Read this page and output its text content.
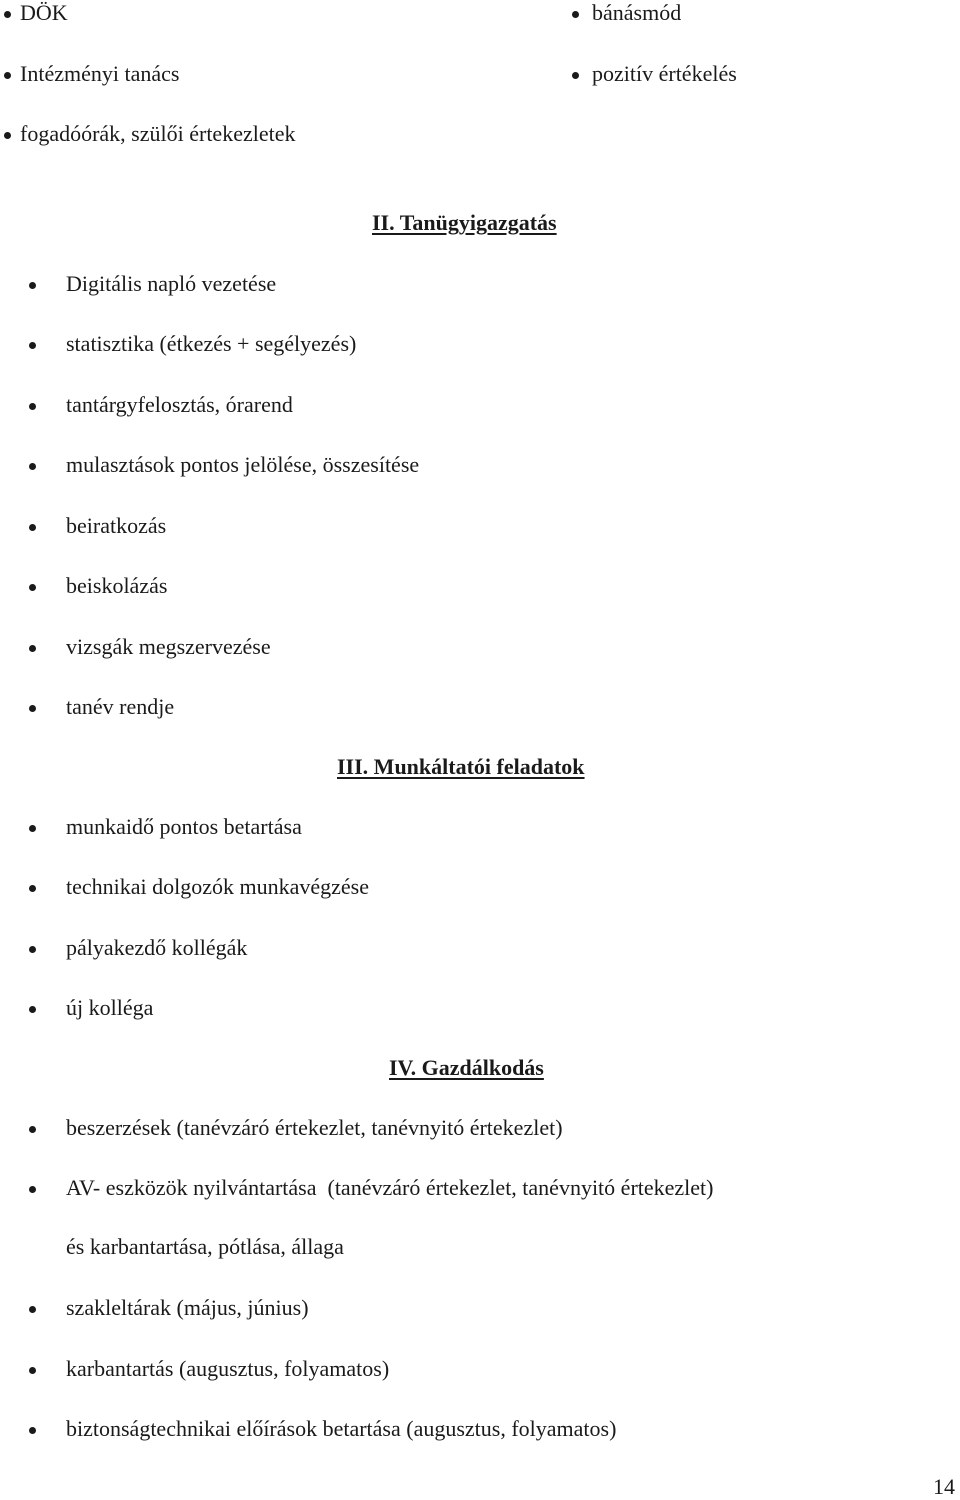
DÖK
Intézményi tanács
fogadóórák, szülői értekezletek
bánásmód
pozitív értékelés
II. Tanügyigazgatás
Digitális napló vezetése
statisztika (étkezés + segélyezés)
tantárgyfelosztás, órarend
mulasztások pontos jelölése, összesítése
beiratkozás
beiskolázás
vizsgák megszervezése
tanév rendje
III. Munkáltatói feladatok
munkaidő pontos betartása
technikai dolgozók munkavégzése
pályakezdő kollégák
új kolléga
IV. Gazdálkodás
beszerzések (tanévzáró értekezlet, tanévnyitó értekezlet)
AV- eszközök nyilvántartása  (tanévzáró értekezlet, tanévnyitó értekezlet)
és karbantartása, pótlása, állaga
szakleltárak (május, június)
karbantartás (augusztus, folyamatos)
biztonságtechnikai előírások betartása (augusztus, folyamatos)
14
